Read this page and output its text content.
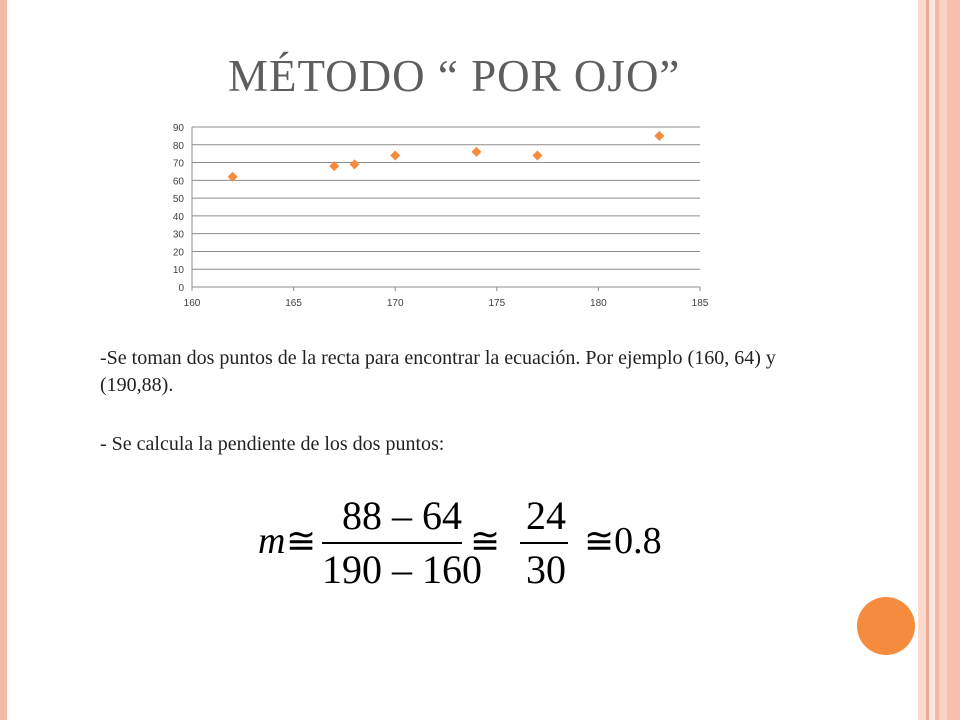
MÉTODO “ POR OJO”
0
10
20
30
40
50
60
70
80
90
160	165	170	175	180	185

-Se toman dos puntos de la recta para encontrar la ecuación. Por ejemplo (160, 64) y (190,88).

- Se calcula la pendiente de los dos puntos:

m ≅
88 – 64
190 – 160
≅
24
30
≅0.8
